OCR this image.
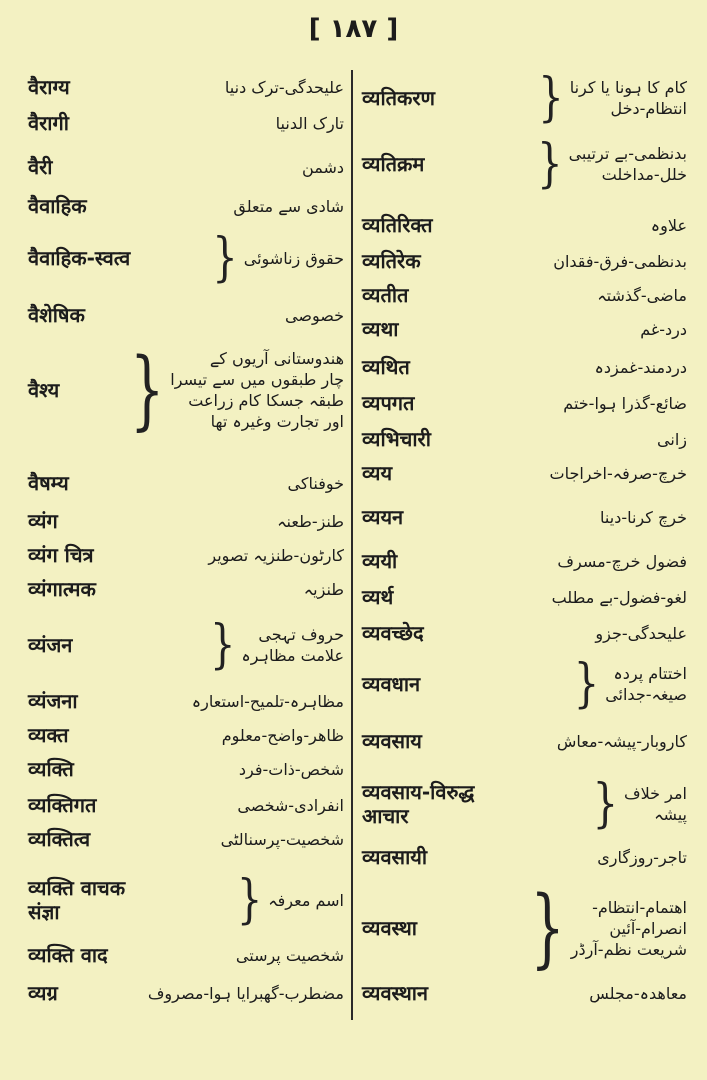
[ ۱۸۷ ]
वैराग्य	علیحدگی-ترک دنیا
वैरागी	تارک الدنیا
वैरी	دشمن
वैवाहिक	شادی سے متعلق
वैवाहिक-स्वत्व } حقوق زناشوئی
वैशेषिक	خصوصی
वैश्य }	هندوستانی آریوں کے
چار طبقوں میں سے تیسرا
طبقہ جسکا کام زراعت
اور تجارت وغیرہ تھا
वैषम्य	خوفناکی
व्यंग	طنز-طعنہ
व्यंग चित्र	کارٹون-طنزیہ تصویر
व्यंगात्मक	طنزیہ
व्यंजन	}	حروف تہجی
علامت مظاہرہ
व्यंजना	مظاہرہ-تلمیح-استعارہ
व्यक्त	ظاهر-واضح-معلوم
व्यक्ति	شخص-ذات-فرد
व्यक्तिगत	انفرادی-شخصی
व्यक्तित्व	شخصیت-پرسنالٹی
व्यक्ति वाचक संज्ञा	} اسم معرفہ
व्यक्ति वाद	شخصیت پرستی
व्यग्र	مضطرب-گھبرایا ہوا-مصروف
व्यतिकरण	} کام کا ہونا یا کرنا
انتظام-دخل
व्यतिक्रम	} بدنظمی-بے ترتیبی
خلل-مداخلت
व्यतिरिक्त	علاوہ
व्यतिरेक	بدنظمی-فرق-فقدان
व्यतीत	ماضی-گذشتہ
व्यथा	درد-غم
व्यथित	دردمند-غمزدہ
व्यपगत	ضائع-گذرا ہوا-ختم
व्यभिचारी	زانی
व्यय	خرچ-صرفہ-اخراجات
व्ययन	خرچ کرنا-دینا
व्ययी	فضول خرچ-مسرف
व्यर्थ	لغو-فضول-بے مطلب
व्यवच्छेद	علیحدگی-جزو
व्यवधान	} اختتام پردہ
صیغہ-جدائی
व्यवसाय	کاروبار-پیشہ-معاش
व्यवसाय-विरुद्ध आचार	} امر خلاف
پیشہ
व्यवसायी	تاجر-روزگاری
व्यवस्था }	اهتمام-انتظام-
انصرام-آئین
شریعت نظم-آرڈر
व्यवस्थान	معاهدہ-مجلس
